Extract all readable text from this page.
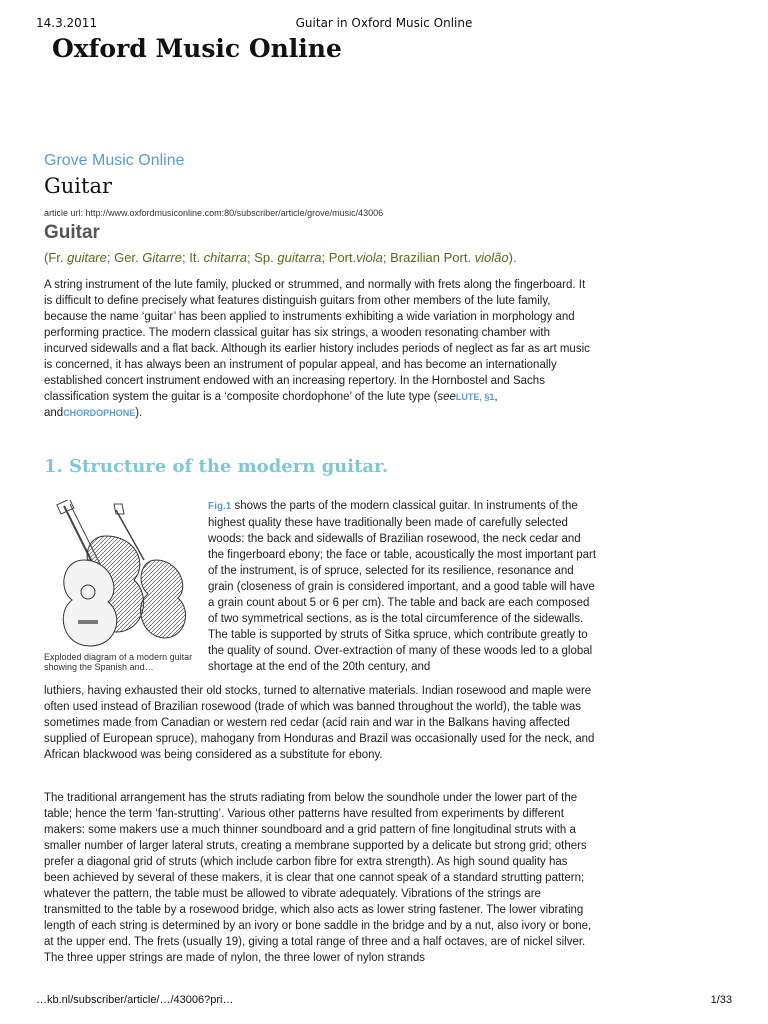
14.3.2011	Guitar in Oxford Music Online
Oxford Music Online
Grove Music Online
Guitar
article url: http://www.oxfordmusiconline.com:80/subscriber/article/grove/music/43006
Guitar
(Fr. guitare; Ger. Gitarre; It. chitarra; Sp. guitarra; Port.viola; Brazilian Port. violão).
A string instrument of the lute family, plucked or strummed, and normally with frets along the fingerboard. It is difficult to define precisely what features distinguish guitars from other members of the lute family, because the name ‘guitar’ has been applied to instruments exhibiting a wide variation in morphology and performing practice. The modern classical guitar has six strings, a wooden resonating chamber with incurved sidewalls and a flat back. Although its earlier history includes periods of neglect as far as art music is concerned, it has always been an instrument of popular appeal, and has become an internationally established concert instrument endowed with an increasing repertory. In the Hornbostel and Sachs classification system the guitar is a ‘composite chordophone’ of the lute type (seeLUTE, §1, andCHORDOPHONE).
1. Structure of the modern guitar.
Exploded diagram of a modern guitar showing the Spanish and…
Fig.1 shows the parts of the modern classical guitar. In instruments of the highest quality these have traditionally been made of carefully selected woods: the back and sidewalls of Brazilian rosewood, the neck cedar and the fingerboard ebony; the face or table, acoustically the most important part of the instrument, is of spruce, selected for its resilience, resonance and grain (closeness of grain is considered important, and a good table will have a grain count about 5 or 6 per cm). The table and back are each composed of two symmetrical sections, as is the total circumference of the sidewalls. The table is supported by struts of Sitka spruce, which contribute greatly to the quality of sound. Over-extraction of many of these woods led to a global shortage at the end of the 20th century, and
luthiers, having exhausted their old stocks, turned to alternative materials. Indian rosewood and maple were often used instead of Brazilian rosewood (trade of which was banned throughout the world), the table was sometimes made from Canadian or western red cedar (acid rain and war in the Balkans having affected supplied of European spruce), mahogany from Honduras and Brazil was occasionally used for the neck, and African blackwood was being considered as a substitute for ebony.
The traditional arrangement has the struts radiating from below the soundhole under the lower part of the table; hence the term ‘fan-strutting’. Various other patterns have resulted from experiments by different makers: some makers use a much thinner soundboard and a grid pattern of fine longitudinal struts with a smaller number of larger lateral struts, creating a membrane supported by a delicate but strong grid; others prefer a diagonal grid of struts (which include carbon fibre for extra strength). As high sound quality has been achieved by several of these makers, it is clear that one cannot speak of a standard strutting pattern; whatever the pattern, the table must be allowed to vibrate adequately. Vibrations of the strings are transmitted to the table by a rosewood bridge, which also acts as lower string fastener. The lower vibrating length of each string is determined by an ivory or bone saddle in the bridge and by a nut, also ivory or bone, at the upper end. The frets (usually 19), giving a total range of three and a half octaves, are of nickel silver. The three upper strings are made of nylon, the three lower of nylon strands
…kb.nl/subscriber/article/…/43006?pri…	1/33
